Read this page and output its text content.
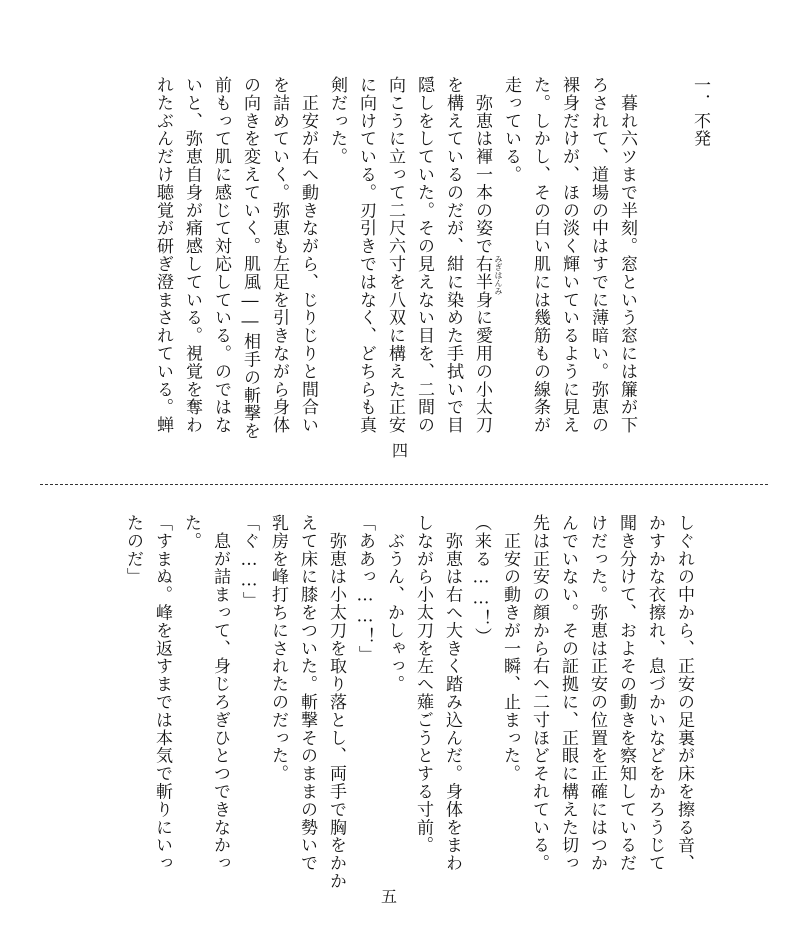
一．不発
　暮れ六ツまで半刻。窓という窓には簾が下
ろされて、道場の中はすでに薄暗い。弥恵の
裸身だけが、ほの淡く輝いているように見え
た。しかし、その白い肌には幾筋もの線条が
走っている。
　弥恵は褌一本の姿で右半身 みぎはんみ
に愛用の小太刀
を構えているのだが、紺に染めた手拭いで目
隠しをしていた。その見えない目を、二間の
向こうに立って二尺六寸を八双に構えた正安
に向けている。刃引きではなく、どちらも真
剣だった。
　正安が右へ動きながら、じりじりと間合い
を詰めていく。弥恵も左足を引きながら身体
の向きを変えていく。肌風――相手の斬撃を
前もって肌に感じて対応している。のではな
いと、弥恵自身が痛感している。視覚を奪わ
れたぶんだけ聴覚が研ぎ澄まされている。蝉
四
しぐれの中から、正安の足裏が床を擦る音、
かすかな衣擦れ、息づかいなどをかろうじて
聞き分けて、およその動きを察知しているだ
けだった。弥恵は正安の位置を正確にはつか
んでいない。その証拠に、正眼に構えた切っ
先は正安の顔から右へ二寸ほどそれている。
　正安の動きが一瞬、止まった。
（来る……！）
　弥恵は右へ大きく踏み込んだ。身体をまわ
しながら小太刀を左へ薙ごうとする寸前。
　ぶうん、かしゃっ。
「ああっ……！」
　弥恵は小太刀を取り落とし、両手で胸をかか
えて床に膝をついた。斬撃そのままの勢いで
乳房を峰打ちにされたのだった。
「ぐ……」
　息が詰まって、身じろぎひとつできなかっ
た。
「すまぬ。峰を返すまでは本気で斬りにいっ
たのだ」
五
